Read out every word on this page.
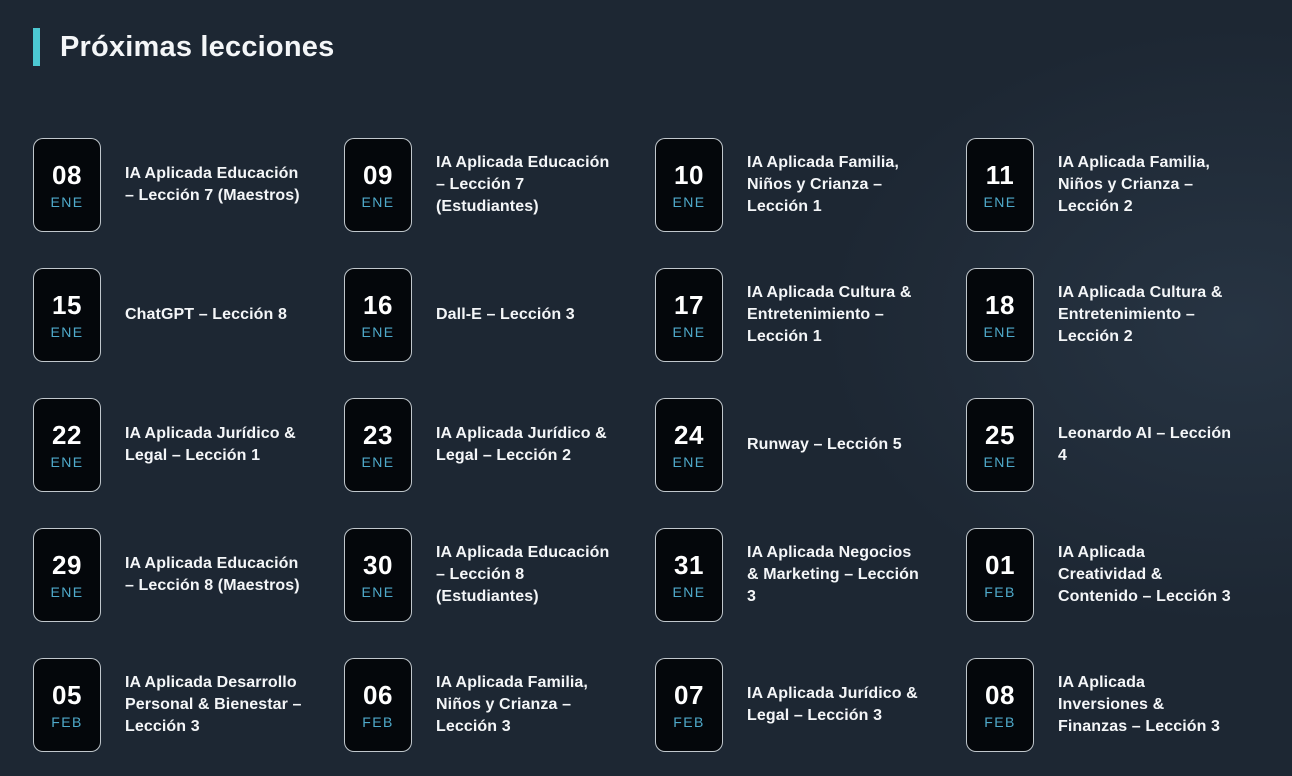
Próximas lecciones
08
ENE
IA Aplicada Educación – Lección 7 (Maestros)
09
ENE
IA Aplicada Educación – Lección 7 (Estudiantes)
10
ENE
IA Aplicada Familia, Niños y Crianza – Lección 1
11
ENE
IA Aplicada Familia, Niños y Crianza – Lección 2
15
ENE
ChatGPT – Lección 8	16
ENE
Dall-E – Lección 3	17
ENE
IA Aplicada Cultura & Entretenimiento – Lección 1
18
ENE
IA Aplicada Cultura & Entretenimiento – Lección 2
22
ENE
IA Aplicada Jurídico & Legal – Lección 1
23
ENE
IA Aplicada Jurídico & Legal – Lección 2
24
ENE
Runway – Lección 5	25
ENE
Leonardo AI – Lección 4
29
ENE
IA Aplicada Educación – Lección 8 (Maestros)
30
ENE
IA Aplicada Educación – Lección 8 (Estudiantes)
31
ENE
IA Aplicada Negocios & Marketing – Lección 3
01
FEB
IA Aplicada Creatividad & Contenido – Lección 3
05
FEB
IA Aplicada Desarrollo Personal & Bienestar – Lección 3
06
FEB
IA Aplicada Familia, Niños y Crianza – Lección 3
07
FEB
IA Aplicada Jurídico & Legal – Lección 3
08
FEB
IA Aplicada Inversiones & Finanzas – Lección 3
